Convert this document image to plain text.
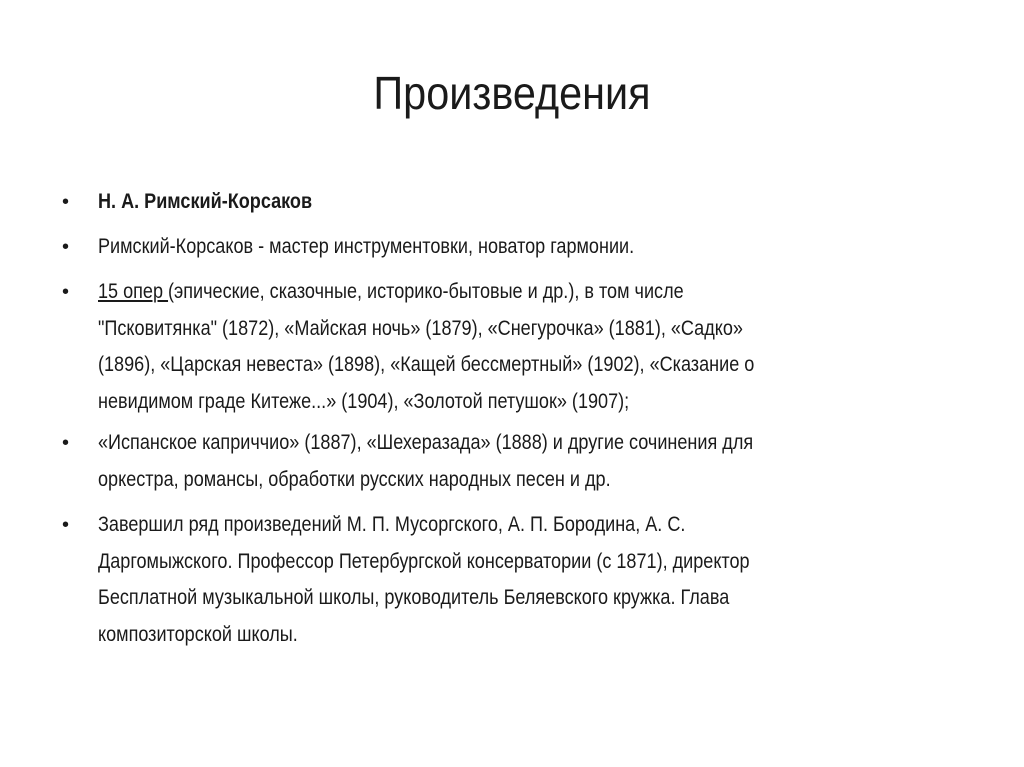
Произведения
• Н. А. Римский-Корсаков
• Римский-Корсаков - мастер инструментовки, новатор гармонии.
• 15 опер (эпические, сказочные, историко-бытовые и др.), в том числе
"Псковитянка" (1872), «Майская ночь» (1879), «Снегурочка» (1881), «Садко»
(1896), «Царская невеста» (1898), «Кащей бессмертный» (1902), «Сказание о
невидимом граде Китеже...» (1904), «Золотой петушок» (1907);
• «Испанское каприччио» (1887), «Шехеразада» (1888) и другие сочинения для
оркестра, романсы, обработки русских народных песен и др.
• Завершил ряд произведений М. П. Мусоргского, А. П. Бородина, А. С.
Даргомыжского. Профессор Петербургской консерватории (с 1871), директор
Бесплатной музыкальной школы, руководитель Беляевского кружка. Глава
композиторской школы.
